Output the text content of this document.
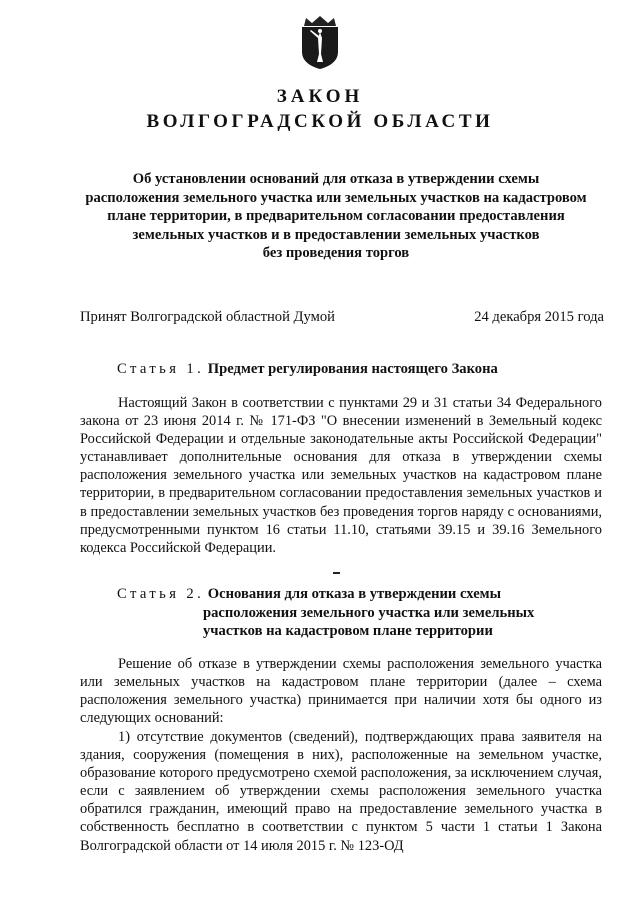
ЗАКОН
ВОЛГОГРАДСКОЙ ОБЛАСТИ
Об установлении оснований для отказа в утверждении схемы
расположения земельного участка или земельных участков на кадастровом
плане территории, в предварительном согласовании предоставления
земельных участков и в предоставлении земельных участков
без проведения торгов
Принят Волгоградской областной Думой	24 декабря 2015 года
Статья 1. Предмет регулирования настоящего Закона

Настоящий Закон в соответствии с пунктами 29 и 31 статьи 34 Федерального закона от 23 июня 2014 г. № 171-ФЗ "О внесении изменений в Земельный кодекс Российской Федерации и отдельные законодательные акты Российской Федерации" устанавливает дополнительные основания для отказа в утверждении схемы расположения земельного участка или земельных участков на кадастровом плане территории, в предварительном согласовании предоставления земельных участков и в предоставлении земельных участков без проведения торгов наряду с основаниями, предусмотренными пунктом 16 статьи 11.10, статьями 39.15 и 39.16 Земельного кодекса Российской Федерации.

Статья 2. Основания для отказа в утверждении схемы
расположения земельного участка или земельных
участков на кадастровом плане территории

Решение об отказе в утверждении схемы расположения земельного участка или земельных участков на кадастровом плане территории (далее – схема расположения земельного участка) принимается при наличии хотя бы одного из следующих оснований:

1) отсутствие документов (сведений), подтверждающих права заявителя на здания, сооружения (помещения в них), расположенные на земельном участке, образование которого предусмотрено схемой расположения, за исключением случая, если с заявлением об утверждении схемы расположения земельного участка обратился гражданин, имеющий право на предоставление земельного участка в собственность бесплатно в соответствии с пунктом 5 части 1 статьи 1 Закона Волгоградской области от 14 июля 2015 г. № 123-ОД
